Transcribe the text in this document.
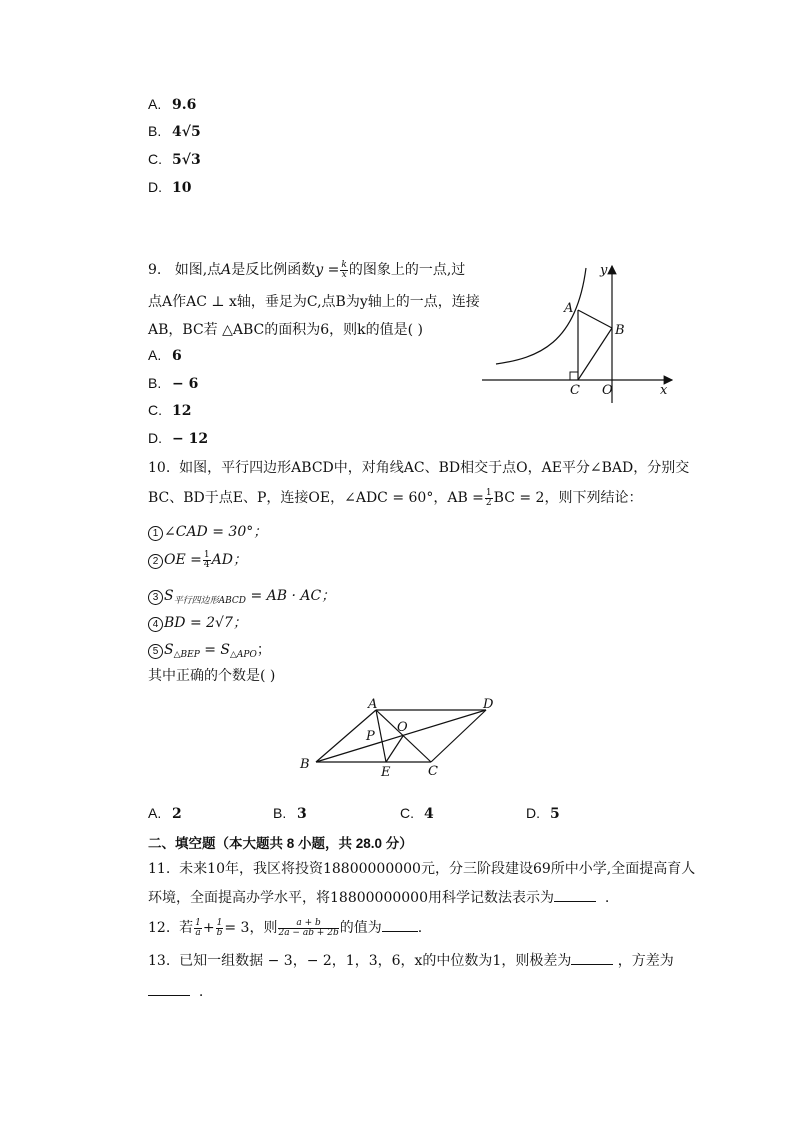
A. 9.6
B. 4√5
C. 5√3
D. 10
9. 如图,点A是反比例函数$y = \frac{k}{x}$ 的图象上的一点,过
点A作AC ⊥ x轴，垂足为C,点B为y轴上的一点，连接
AB，BC若 △ABC的面积为6，则k的值是( )
A. 6
B. − 6
C. 12
D. − 12
y
A
B
C O	x
10. 如图，平行四边形ABCD中，对角线AC、BD相交于点O，AE平分∠BAD，分别交
BC、BD于点E、P，连接OE，∠ADC = 60°，AB = $\frac{1}{2}$ BC = 2，则下列结论：
1 ∠CAD = 30°；
2 OE = $\frac{1}{4}$ AD；
3 $S_{平行四边形ABCD}$ = AB · AC；
4 BD = 2√7；
5 $S_{\triangle BEP} = S_{\triangle APO}$；
其中正确的个数是( )
A	D
O
P
B
E	C
A. 2	B. 3	C. 4	D. 5
二、填空题（本大题共 8 小题，共 28.0 分）
11. 未来10年，我区将投资18800000000元，分三阶段建设69所中小学,全面提高育人
环境，全面提高办学水平，将18800000000用科学记数法表示为	.
12. 若 $\frac{1}{a} + \frac{1}{b} = 3$，则 $\frac{a + b}{2a - ab + 2b}$ 的值为	.
13. 已知一组数据 − 3，− 2，1，3，6，x的中位数为1，则极差为	，方差为
.
